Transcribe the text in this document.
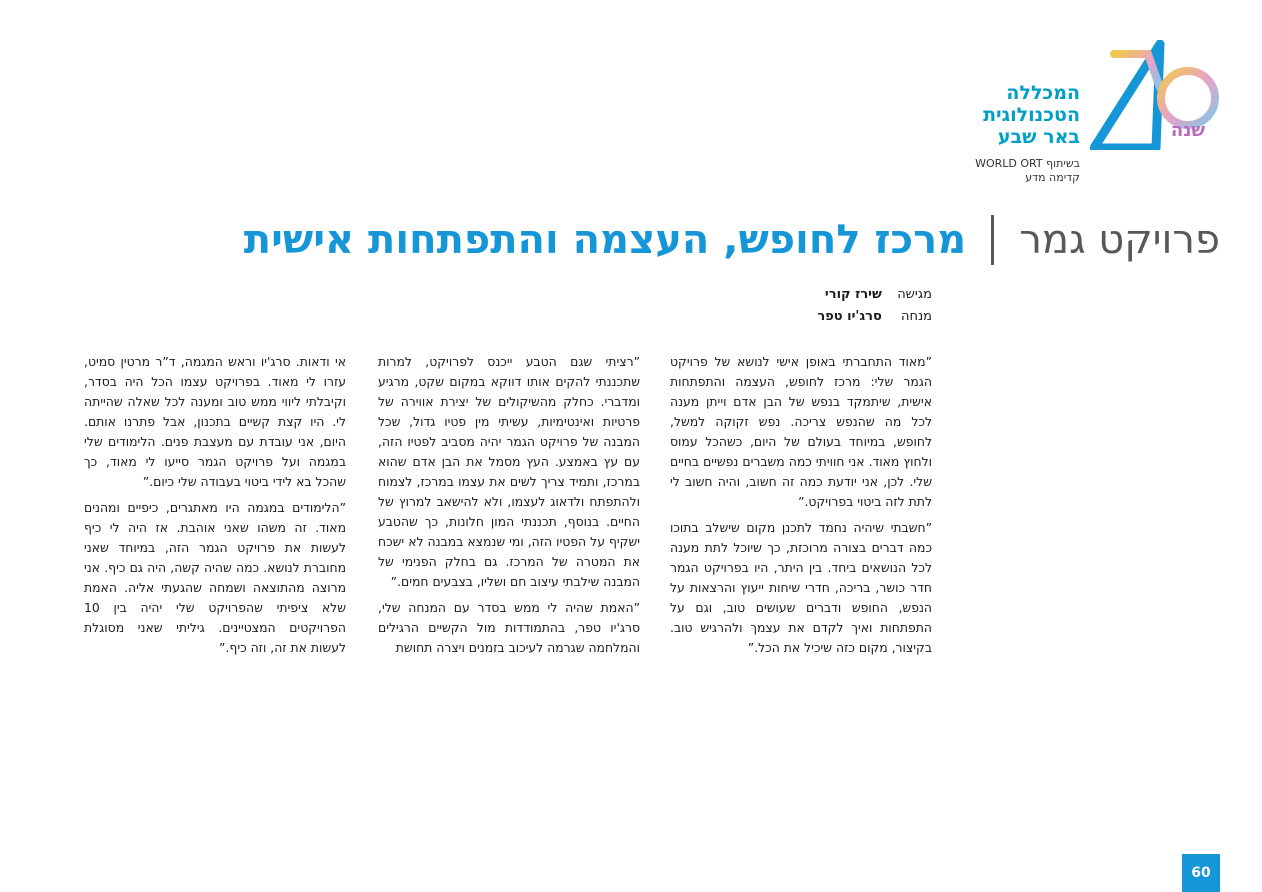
שנה
המכללה
הטכנולוגית
באר שבע
בשיתוף WORLD ORT
קדימה מדע
פרויקט גמר  מרכז לחופש, העצמה והתפתחות אישית
מגישה שירז קורי
מנחה סרג'יו טפר

”מאוד התחברתי באופן אישי לנושא של פרויקט הגמר שלי: מרכז לחופש, העצמה והתפתחות אישית, שיתמקד בנפש של הבן אדם וייתן מענה לכל מה שהנפש צריכה. נפש זקוקה למשל, לחופש, במיוחד בעולם של היום, כשהכל עמוס ולחוץ מאוד. אני חוויתי כמה משברים נפשיים בחיים שלי. לכן, אני יודעת כמה זה חשוב, והיה חשוב לי לתת לזה ביטוי בפרויקט.”

”חשבתי שיהיה נחמד לתכנן מקום שישלב בתוכו כמה דברים בצורה מרוכזת, כך שיוכל לתת מענה לכל הנושאים ביחד. בין היתר, היו בפרויקט הגמר חדר כושר, בריכה, חדרי שיחות ייעוץ והרצאות על הנפש, החופש ודברים שעושים טוב, וגם על התפתחות ואיך לקדם את עצמך ולהרגיש טוב. בקיצור, מקום כזה שיכיל את הכל.”

”רציתי שגם הטבע ייכנס לפרויקט, למרות שתכננתי להקים אותו דווקא במקום שקט, מרגיע ומדברי. כחלק מהשיקולים של יצירת אווירה של פרטיות ואינטימיות, עשיתי מין פטיו גדול, שכל המבנה של פרויקט הגמר יהיה מסביב לפטיו הזה, עם עץ באמצע. העץ מסמל את הבן אדם שהוא במרכז, ותמיד צריך לשים את עצמו במרכז, לצמוח ולהתפתח ולדאוג לעצמו, ולא להישאב למרוץ של החיים. בנוסף, תכננתי המון חלונות, כך שהטבע ישקיף על הפטיו הזה, ומי שנמצא במבנה לא ישכח את המטרה של המרכז. גם בחלק הפנימי של המבנה שילבתי עיצוב חם ושליו, בצבעים חמים.”

”האמת שהיה לי ממש בסדר עם המנחה שלי, סרג'יו טפר, בהתמודדות מול הקשיים הרגילים והמלחמה שגרמה לעיכוב בזמנים ויצרה תחושת

אי ודאות. סרג'יו וראש המגמה, ד”ר מרטין סמיט, עזרו לי מאוד. בפרויקט עצמו הכל היה בסדר, וקיבלתי ליווי ממש טוב ומענה לכל שאלה שהייתה לי. היו קצת קשיים בתכנון, אבל פתרנו אותם. היום, אני עובדת עם מעצבת פנים. הלימודים שלי במגמה ועל פרויקט הגמר סייעו לי מאוד, כך שהכל בא לידי ביטוי בעבודה שלי כיום.”

”הלימודים במגמה היו מאתגרים, כיפיים ומהנים מאוד. זה משהו שאני אוהבת. אז היה לי כיף לעשות את פרויקט הגמר הזה, במיוחד שאני מחוברת לנושא. כמה שהיה קשה, היה גם כיף. אני מרוצה מהתוצאה ושמחה שהגעתי אליה. האמת שלא ציפיתי שהפרויקט שלי יהיה בין 10 הפרויקטים המצטיינים. גיליתי שאני מסוגלת לעשות את זה, וזה כיף.”

60
